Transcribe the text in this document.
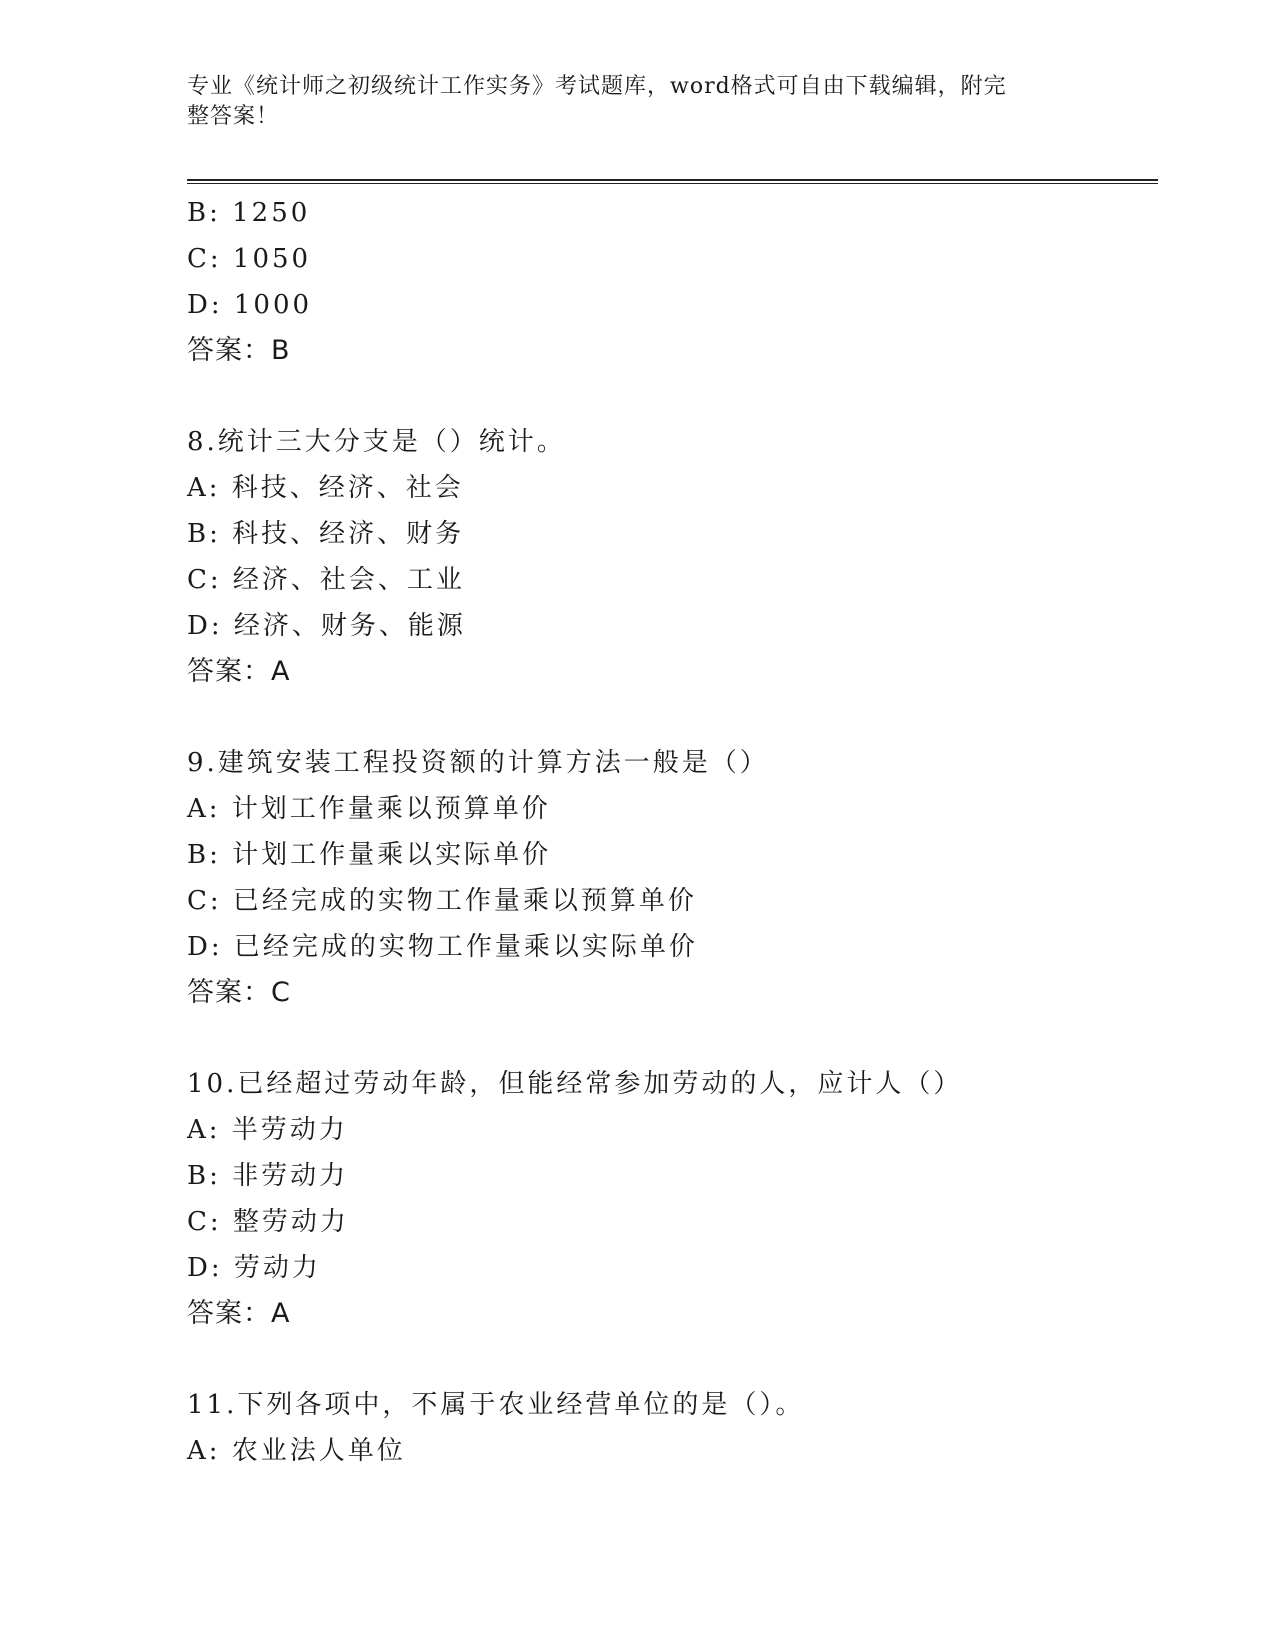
专业《统计师之初级统计工作实务》考试题库，word格式可自由下载编辑，附完
整答案！
B: 1250
C: 1050
D: 1000
答案：B
8.统计三大分支是（）统计。
A: 科技、经济、社会
B: 科技、经济、财务
C: 经济、社会、工业
D: 经济、财务、能源
答案：A
9.建筑安装工程投资额的计算方法一般是（）
A: 计划工作量乘以预算单价
B: 计划工作量乘以实际单价
C: 已经完成的实物工作量乘以预算单价
D: 已经完成的实物工作量乘以实际单价
答案：C
10.已经超过劳动年龄，但能经常参加劳动的人，应计人（）
A: 半劳动力
B: 非劳动力
C: 整劳动力
D: 劳动力
答案：A
11.下列各项中，不属于农业经营单位的是（）。
A: 农业法人单位
